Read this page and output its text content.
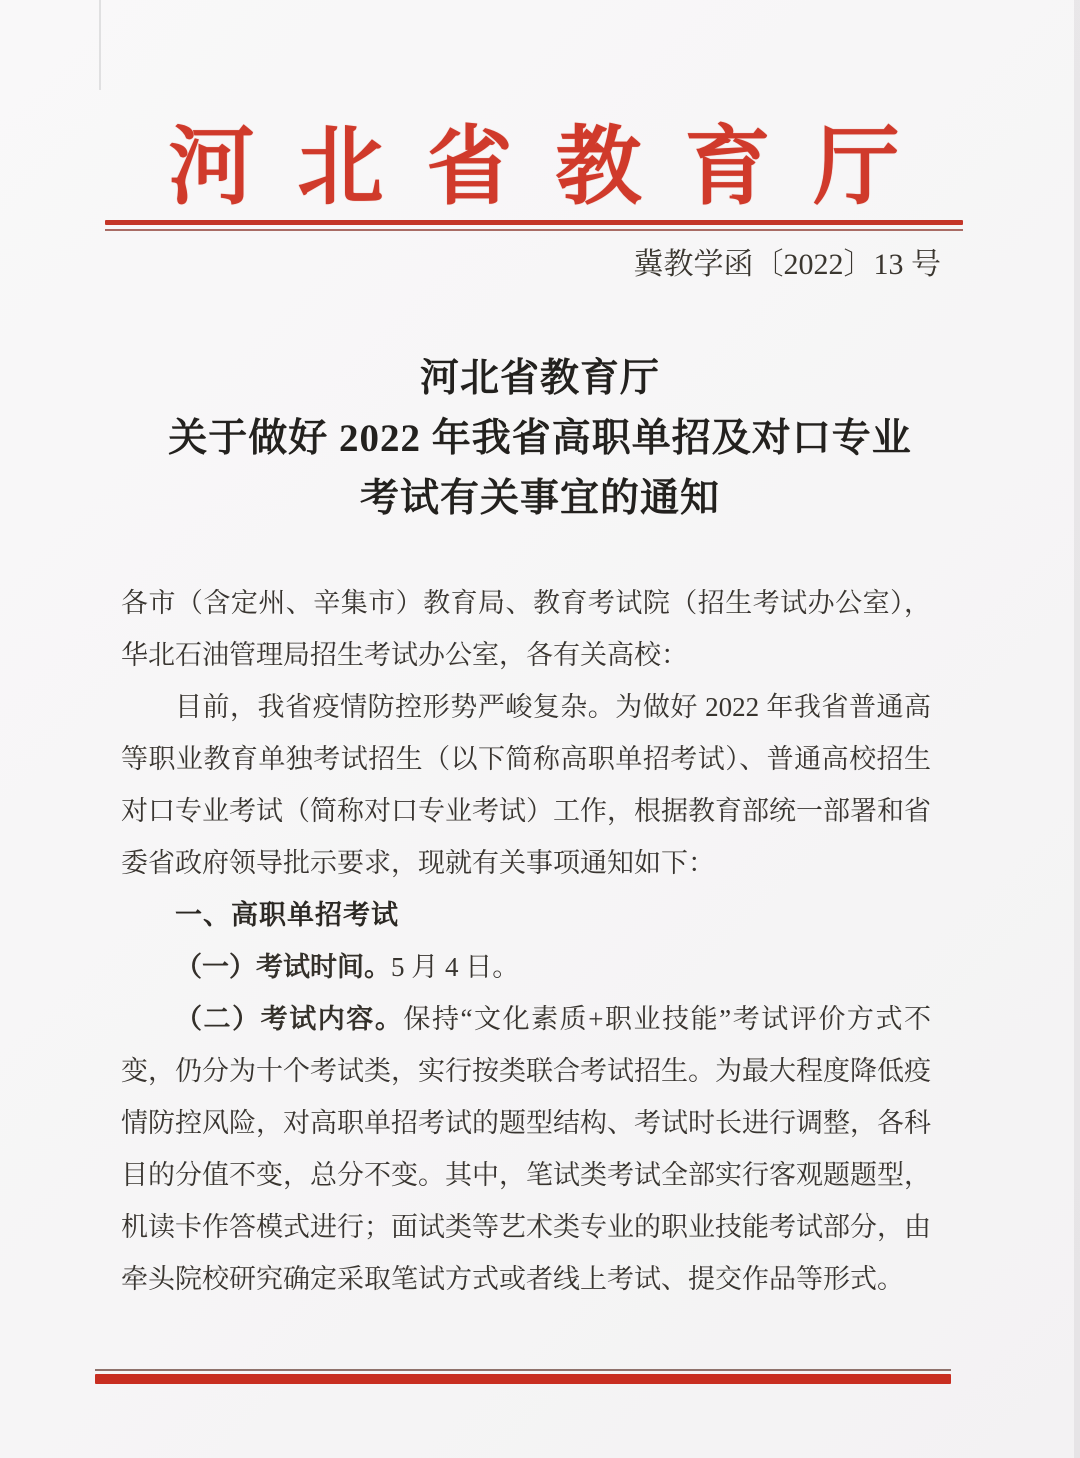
河北省教育厅
冀教学函〔2022〕13 号
河北省教育厅
关于做好 2022 年我省高职单招及对口专业
考试有关事宜的通知

各市（含定州、辛集市）教育局、教育考试院（招生考试办公室），华北石油管理局招生考试办公室，各有关高校：

目前，我省疫情防控形势严峻复杂。为做好 2022 年我省普通高等职业教育单独考试招生（以下简称高职单招考试）、普通高校招生对口专业考试（简称对口专业考试）工作，根据教育部统一部署和省委省政府领导批示要求，现就有关事项通知如下：

一、高职单招考试

（一）考试时间。5 月 4 日。

（二）考试内容。保持“文化素质+职业技能”考试评价方式不变，仍分为十个考试类，实行按类联合考试招生。为最大程度降低疫情防控风险，对高职单招考试的题型结构、考试时长进行调整，各科目的分值不变，总分不变。其中，笔试类考试全部实行客观题题型，机读卡作答模式进行；面试类等艺术类专业的职业技能考试部分，由牵头院校研究确定采取笔试方式或者线上考试、提交作品等形式。
